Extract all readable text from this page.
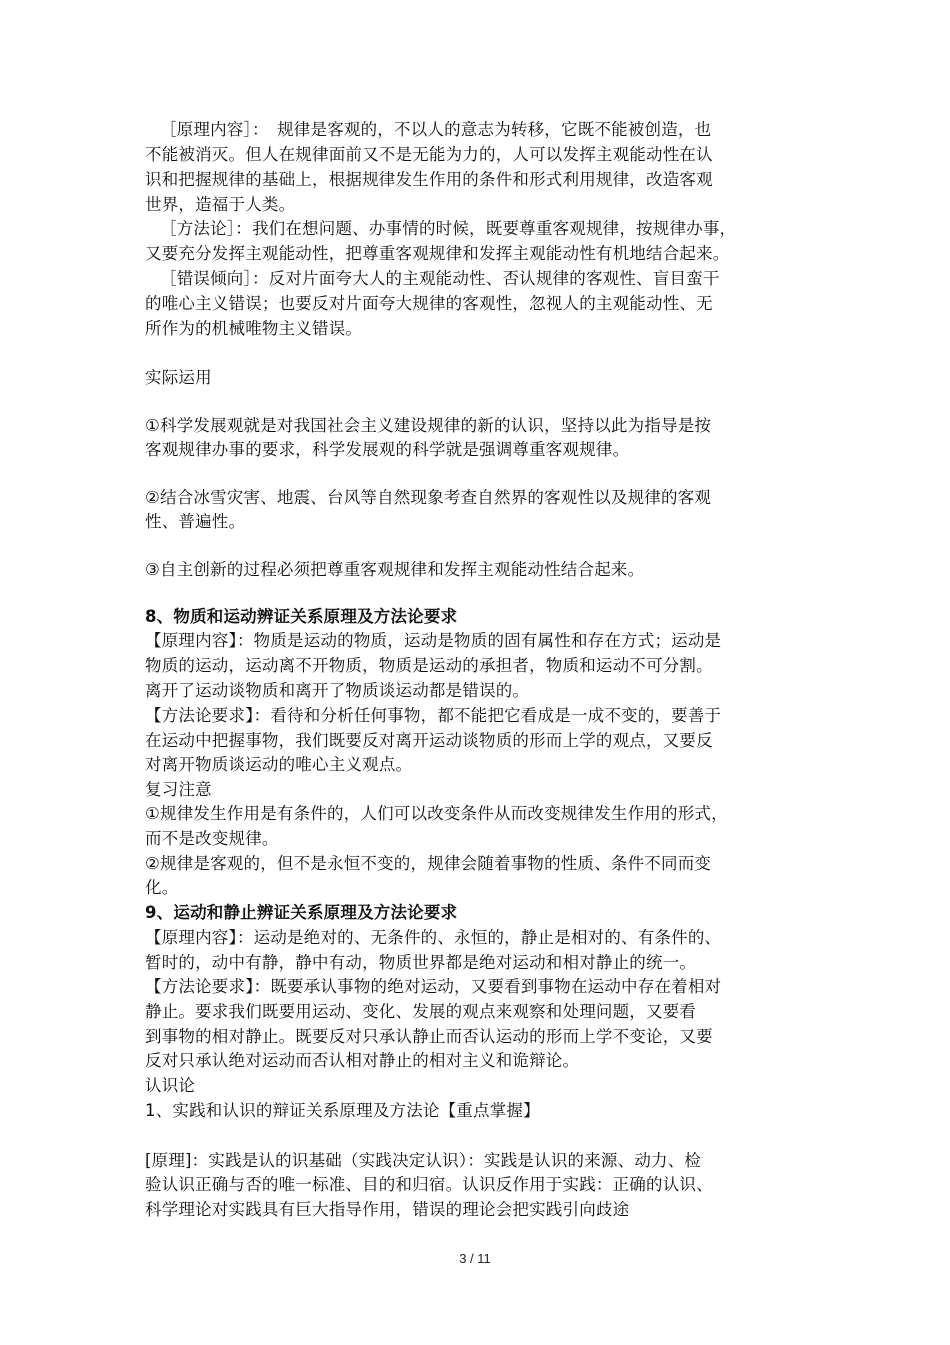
［原理内容］：　规律是客观的，不以人的意志为转移，它既不能被创造，也

不能被消灭。但人在规律面前又不是无能为力的，人可以发挥主观能动性在认

识和把握规律的基础上，根据规律发生作用的条件和形式利用规律，改造客观

世界，造福于人类。

［方法论］：我们在想问题、办事情的时候，既要尊重客观规律，按规律办事，

又要充分发挥主观能动性，把尊重客观规律和发挥主观能动性有机地结合起来。

［错误倾向］：反对片面夸大人的主观能动性、否认规律的客观性、盲目蛮干

的唯心主义错误；也要反对片面夸大规律的客观性，忽视人的主观能动性、无

所作为的机械唯物主义错误。

实际运用

①科学发展观就是对我国社会主义建设规律的新的认识，坚持以此为指导是按

客观规律办事的要求，科学发展观的科学就是强调尊重客观规律。

②结合冰雪灾害、地震、台风等自然现象考查自然界的客观性以及规律的客观

性、普遍性。

③自主创新的过程必须把尊重客观规律和发挥主观能动性结合起来。

8、物质和运动辨证关系原理及方法论要求

【原理内容】：物质是运动的物质，运动是物质的固有属性和存在方式；运动是

物质的运动，运动离不开物质，物质是运动的承担者，物质和运动不可分割。

离开了运动谈物质和离开了物质谈运动都是错误的。

【方法论要求】：看待和分析任何事物，都不能把它看成是一成不变的，要善于

在运动中把握事物，我们既要反对离开运动谈物质的形而上学的观点，又要反

对离开物质谈运动的唯心主义观点。

复习注意

①规律发生作用是有条件的，人们可以改变条件从而改变规律发生作用的形式，

而不是改变规律。

②规律是客观的，但不是永恒不变的，规律会随着事物的性质、条件不同而变

化。

9、运动和静止辨证关系原理及方法论要求

【原理内容】：运动是绝对的、无条件的、永恒的，静止是相对的、有条件的、

暂时的，动中有静，静中有动，物质世界都是绝对运动和相对静止的统一。

【方法论要求】：既要承认事物的绝对运动，又要看到事物在运动中存在着相对

静止。要求我们既要用运动、变化、发展的观点来观察和处理问题，又要看

到事物的相对静止。既要反对只承认静止而否认运动的形而上学不变论，又要

反对只承认绝对运动而否认相对静止的相对主义和诡辩论。

认识论

1、实践和认识的辩证关系原理及方法论【重点掌握】

[原理]：实践是认的识基础（实践决定认识）：实践是认识的来源、动力、检

验认识正确与否的唯一标准、目的和归宿。认识反作用于实践：正确的认识、

科学理论对实践具有巨大指导作用，错误的理论会把实践引向歧途

3 / 11
